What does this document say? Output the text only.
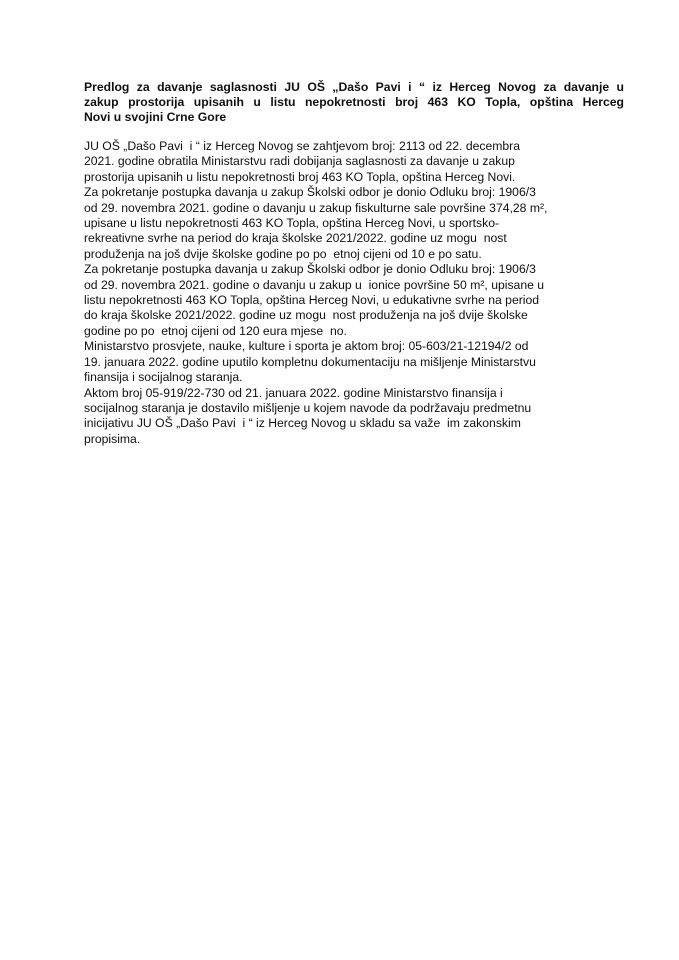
Predlog za davanje saglasnosti JU OŠ „Dašo Pavi i “ iz Herceg Novog za davanje u
zakup prostorija upisanih u listu nepokretnosti broj 463 KO Topla, opština Herceg
Novi u svojini Crne Gore
JU OŠ „Dašo Pavi  i “ iz Herceg Novog se zahtjevom broj: 2113 od 22. decembra
2021. godine obratila Ministarstvu radi dobijanja saglasnosti za davanje u zakup
prostorija upisanih u listu nepokretnosti broj 463 KO Topla, opština Herceg Novi.
Za pokretanje postupka davanja u zakup Školski odbor je donio Odluku broj: 1906/3
od 29. novembra 2021. godine o davanju u zakup fiskulturne sale površine 374,28 m²,
upisane u listu nepokretnosti 463 KO Topla, opština Herceg Novi, u sportsko-
rekreativne svrhe na period do kraja školske 2021/2022. godine uz mogu  nost
produženja na još dvije školske godine po po  etnoj cijeni od 10 e po satu.
Za pokretanje postupka davanja u zakup Školski odbor je donio Odluku broj: 1906/3
od 29. novembra 2021. godine o davanju u zakup u  ionice površine 50 m², upisane u
listu nepokretnosti 463 KO Topla, opština Herceg Novi, u edukativne svrhe na period
do kraja školske 2021/2022. godine uz mogu  nost produženja na još dvije školske
godine po po  etnoj cijeni od 120 eura mjese  no.
Ministarstvo prosvjete, nauke, kulture i sporta je aktom broj: 05-603/21-12194/2 od
19. januara 2022. godine uputilo kompletnu dokumentaciju na mišljenje Ministarstvu
finansija i socijalnog staranja.
Aktom broj 05-919/22-730 od 21. januara 2022. godine Ministarstvo finansija i
socijalnog staranja je dostavilo mišljenje u kojem navode da podržavaju predmetnu
inicijativu JU OŠ „Dašo Pavi  i “ iz Herceg Novog u skladu sa važe  im zakonskim
propisima.
